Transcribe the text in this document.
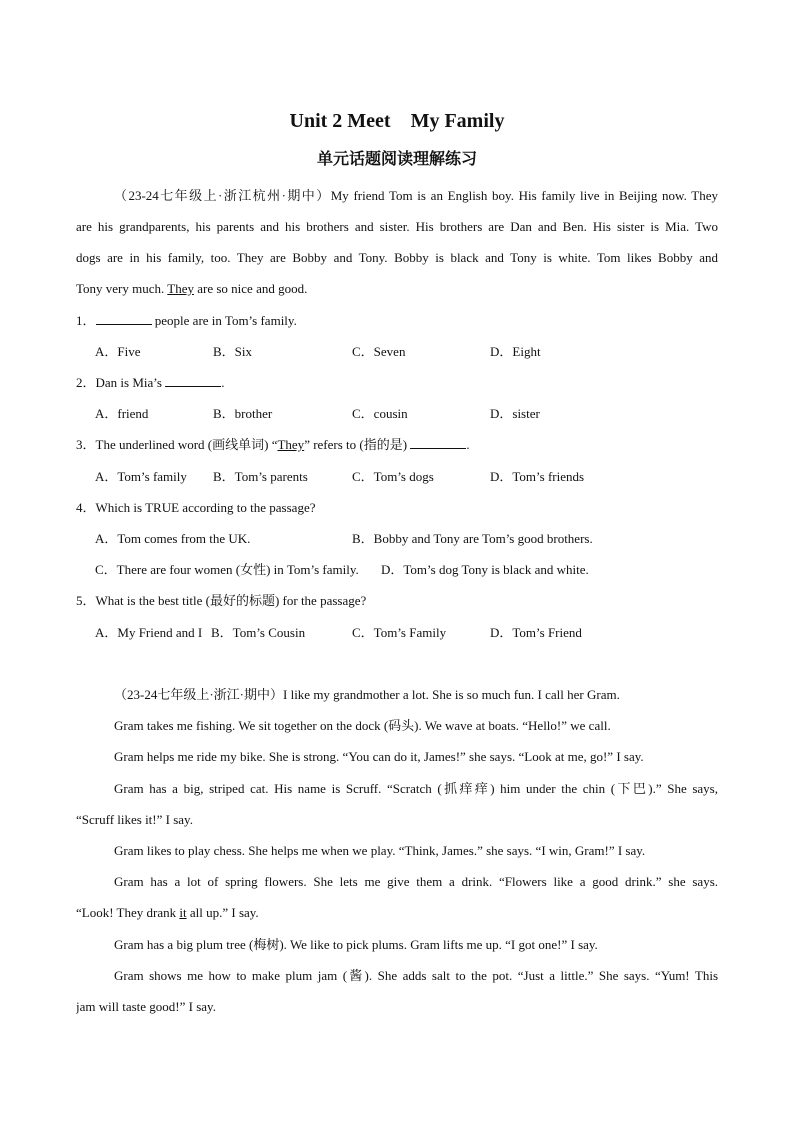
Unit 2 Meet　My Family
单元话题阅读理解练习
（23-24七年级上·浙江杭州·期中）My friend Tom is an English boy. His family live in Beijing now. They
are his grandparents, his parents and his brothers and sister. His brothers are Dan and Ben. His sister is Mia. Two
dogs are in his family, too. They are Bobby and Tony. Bobby is black and Tony is white. Tom likes Bobby and
Tony very much. They are so nice and good.
1．	people are in Tom’s family.
A．Five	B．Six	C．Seven	D．Eight
2．Dan is Mia’s	.
A．friend	B．brother	C．cousin	D．sister
3．The underlined word (画线单词) “They” refers to (指的是)	.
A．Tom’s family B．Tom’s parents	C．Tom’s dogs	D．Tom’s friends
4．Which is TRUE according to the passage?
A．Tom comes from the UK.	B．Bobby and Tony are Tom’s good brothers.
C．There are four women (女性) in Tom’s family. D．Tom’s dog Tony is black and white.
5．What is the best title (最好的标题) for the passage?
A．My Friend and I B．Tom’s Cousin	C．Tom’s Family	D．Tom’s Friend
（23-24七年级上·浙江·期中）I like my grandmother a lot. She is so much fun. I call her Gram.
Gram takes me fishing. We sit together on the dock (码头). We wave at boats. “Hello!” we call.
Gram helps me ride my bike. She is strong. “You can do it, James!” she says. “Look at me, go!” I say.
Gram has a big, striped cat. His name is Scruff. “Scratch (抓痒痒) him under the chin (下巴).” She says,
“Scruff likes it!” I say.
Gram likes to play chess. She helps me when we play. “Think, James.” she says. “I win, Gram!” I say.
Gram has a lot of spring flowers. She lets me give them a drink. “Flowers like a good drink.” she says.
“Look! They drank it all up.” I say.
Gram has a big plum tree (梅树). We like to pick plums. Gram lifts me up. “I got one!” I say.
Gram shows me how to make plum jam (酱). She adds salt to the pot. “Just a little.” She says. “Yum! This
jam will taste good!” I say.
